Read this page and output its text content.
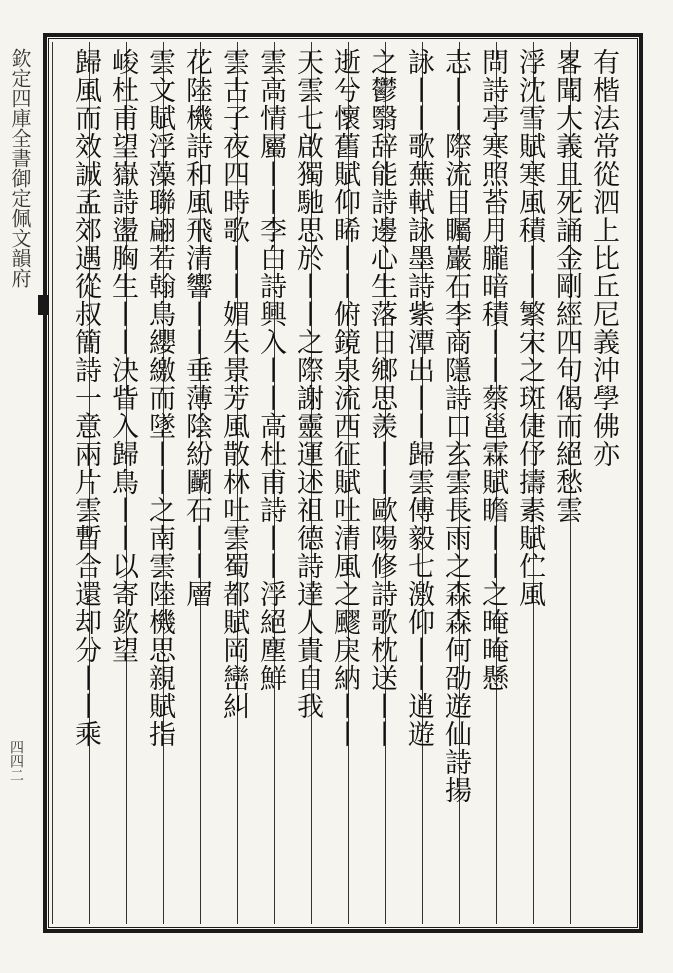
欽定四庫全書御定佩文韻府
四四二
有楷法常從泗上比丘尼義沖學佛亦
畧聞大義且死誦金剛經四句偈而絕愁雲
浮沈雪賦寒風積丨丨繁宋之斑倢伃擣素賦伫風
問詩亭寒照苔月朧暗積丨丨蔡邕霖賦瞻丨丨之晻晻懸
志丨丨際流目矚巖石李商隱詩口玄雲長雨之森森何劭遊仙詩揚
詠丨丨歌蕪軾詠墨詩紫潭出丨丨歸雲傅毅七激仰丨丨逍遊
之鬱翳辞能詩邊心生落日鄉思羨丨丨歐陽修詩歌枕送丨丨
逝兮懷舊賦仰睎丨丨俯鏡泉流西征賦吐清風之飂戾納丨丨
天雲七啟獨馳思於丨丨之際謝靈運述祖德詩達人貴自我
雲高情屬丨丨李白詩興入丨丨高杜甫詩丨丨浮絕塵鮮
雲古子夜四時歌丨丨媚朱景芳風散林吐雲蜀都賦岡巒糾
花陸機詩和風飛清響丨丨垂薄陰紛鬬石丨丨層
雲文賦浮藻聯翩若翰鳥纓繳而墜丨丨之南雲陸機思親賦指
峻杜甫望嶽詩盪胸生丨丨決眥入歸鳥丨丨以寄欽望
歸風而效誠孟郊遇從叔簡詩一意兩片雲暫合還却分丨丨乘
